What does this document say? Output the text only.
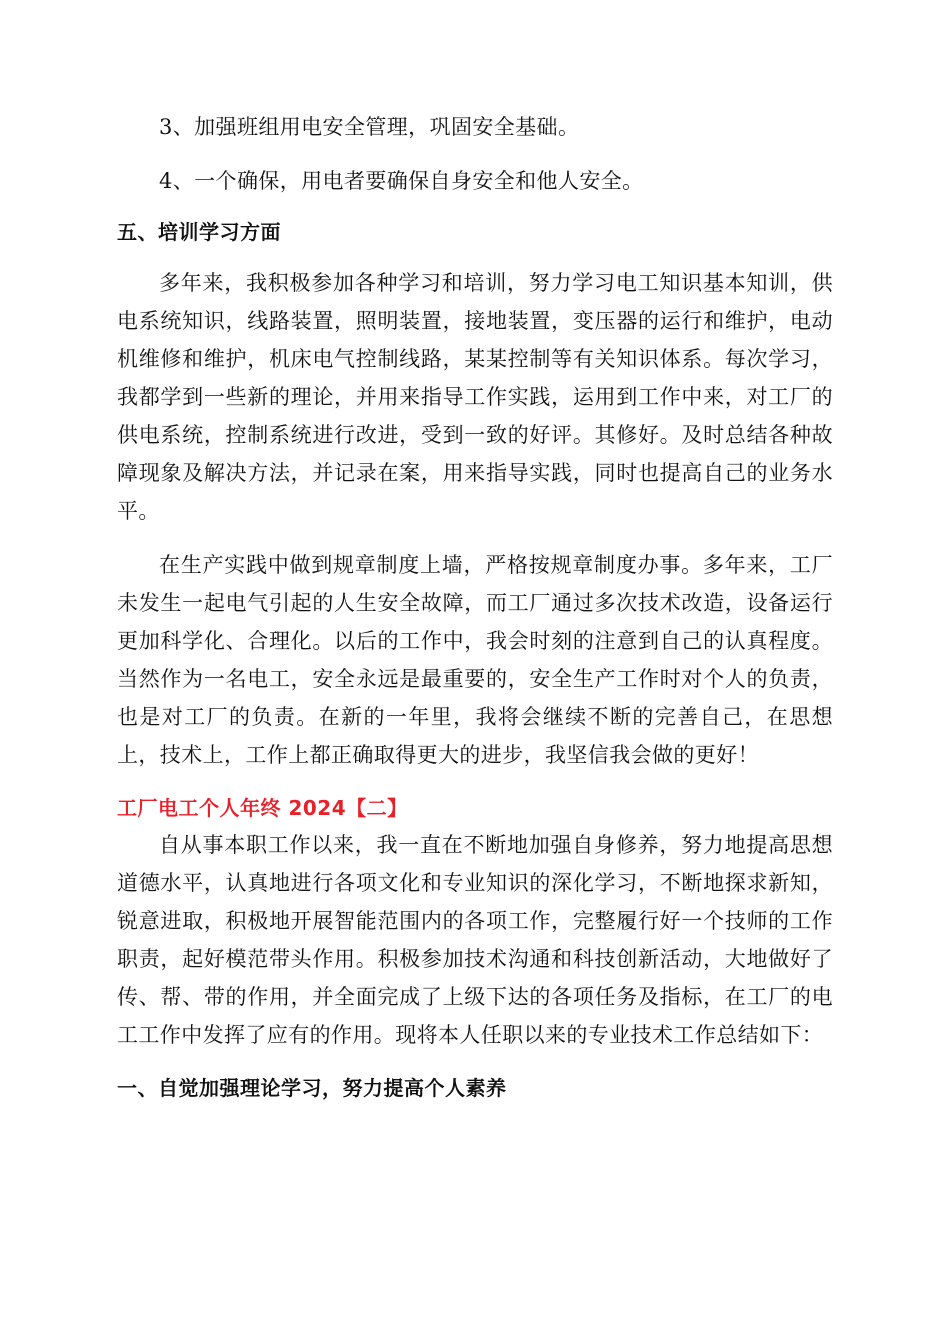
3、加强班组用电安全管理，巩固安全基础。

4、一个确保，用电者要确保自身安全和他人安全。

五、培训学习方面

多年来，我积极参加各种学习和培训，努力学习电工知识基本知训，供电系统知识，线路装置，照明装置，接地装置，变压器的运行和维护，电动机维修和维护，机床电气控制线路，某某控制等有关知识体系。每次学习，我都学到一些新的理论，并用来指导工作实践，运用到工作中来，对工厂的供电系统，控制系统进行改进，受到一致的好评。其修好。及时总结各种故障现象及解决方法，并记录在案，用来指导实践，同时也提高自己的业务水平。

在生产实践中做到规章制度上墙，严格按规章制度办事。多年来，工厂未发生一起电气引起的人生安全故障，而工厂通过多次技术改造，设备运行更加科学化、合理化。以后的工作中，我会时刻的注意到自己的认真程度。当然作为一名电工，安全永远是最重要的，安全生产工作时对个人的负责，也是对工厂的负责。在新的一年里，我将会继续不断的完善自己，在思想上，技术上，工作上都正确取得更大的进步，我坚信我会做的更好！

工厂电工个人年终 2024【二】

自从事本职工作以来，我一直在不断地加强自身修养，努力地提高思想道德水平，认真地进行各项文化和专业知识的深化学习，不断地探求新知，锐意进取，积极地开展智能范围内的各项工作，完整履行好一个技师的工作职责，起好模范带头作用。积极参加技术沟通和科技创新活动，大地做好了传、帮、带的作用，并全面完成了上级下达的各项任务及指标，在工厂的电工工作中发挥了应有的作用。现将本人任职以来的专业技术工作总结如下：

一、自觉加强理论学习，努力提高个人素养
